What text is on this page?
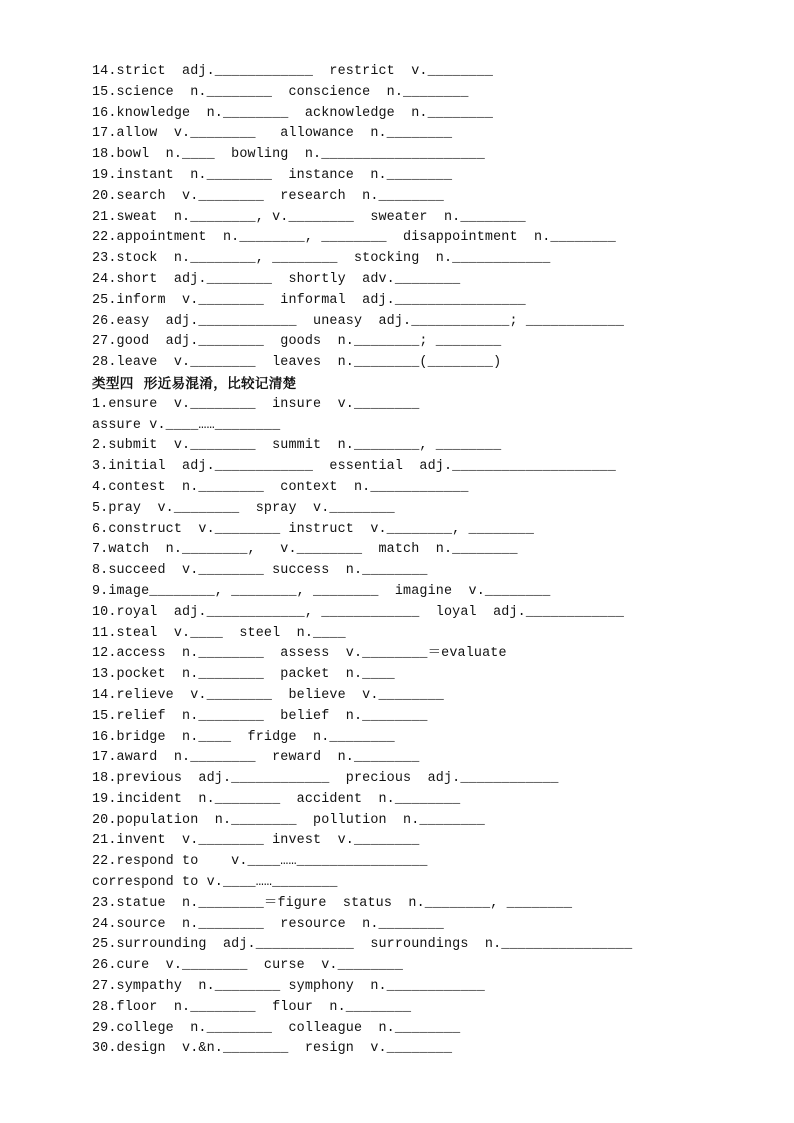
14.strict  adj.____________  restrict  v.________
15.science  n.________  conscience  n.________
16.knowledge  n.________  acknowledge  n.________
17.allow  v.________   allowance  n.________
18.bowl  n.____  bowling  n.____________________
19.instant  n.________  instance  n.________
20.search  v.________  research  n.________
21.sweat  n.________, v.________  sweater  n.________
22.appointment  n.________, ________  disappointment  n.________
23.stock  n.________, ________  stocking  n.____________
24.short  adj.________  shortly  adv.________
25.inform  v.________  informal  adj.________________
26.easy  adj.____________  uneasy  adj.____________; ____________
27.good  adj.________  goods  n.________; ________
28.leave  v.________  leaves  n.________(________)
类型四  形近易混淆，比较记清楚
1.ensure  v.________  insure  v.________
assure v.____……________
2.submit  v.________  summit  n.________, ________
3.initial  adj.____________  essential  adj.____________________
4.contest  n.________  context  n.____________
5.pray  v.________  spray  v.________
6.construct  v.________ instruct  v.________, ________
7.watch  n.________,   v.________  match  n.________
8.succeed  v.________ success  n.________
9.image________, ________, ________  imagine  v.________
10.royal  adj.____________, ____________  loyal  adj.____________
11.steal  v.____  steel  n.____
12.access  n.________  assess  v.________＝evaluate
13.pocket  n.________  packet  n.____
14.relieve  v.________  believe  v.________
15.relief  n.________  belief  n.________
16.bridge  n.____  fridge  n.________
17.award  n.________  reward  n.________
18.previous  adj.____________  precious  adj.____________
19.incident  n.________  accident  n.________
20.population  n.________  pollution  n.________
21.invent  v.________ invest  v.________
22.respond to    v.____……________________
correspond to v.____……________
23.statue  n.________＝figure  status  n.________, ________
24.source  n.________  resource  n.________
25.surrounding  adj.____________  surroundings  n.________________
26.cure  v.________  curse  v.________
27.sympathy  n.________ symphony  n.____________
28.floor  n.________  flour  n.________
29.college  n.________  colleague  n.________
30.design  v.&n.________  resign  v.________
